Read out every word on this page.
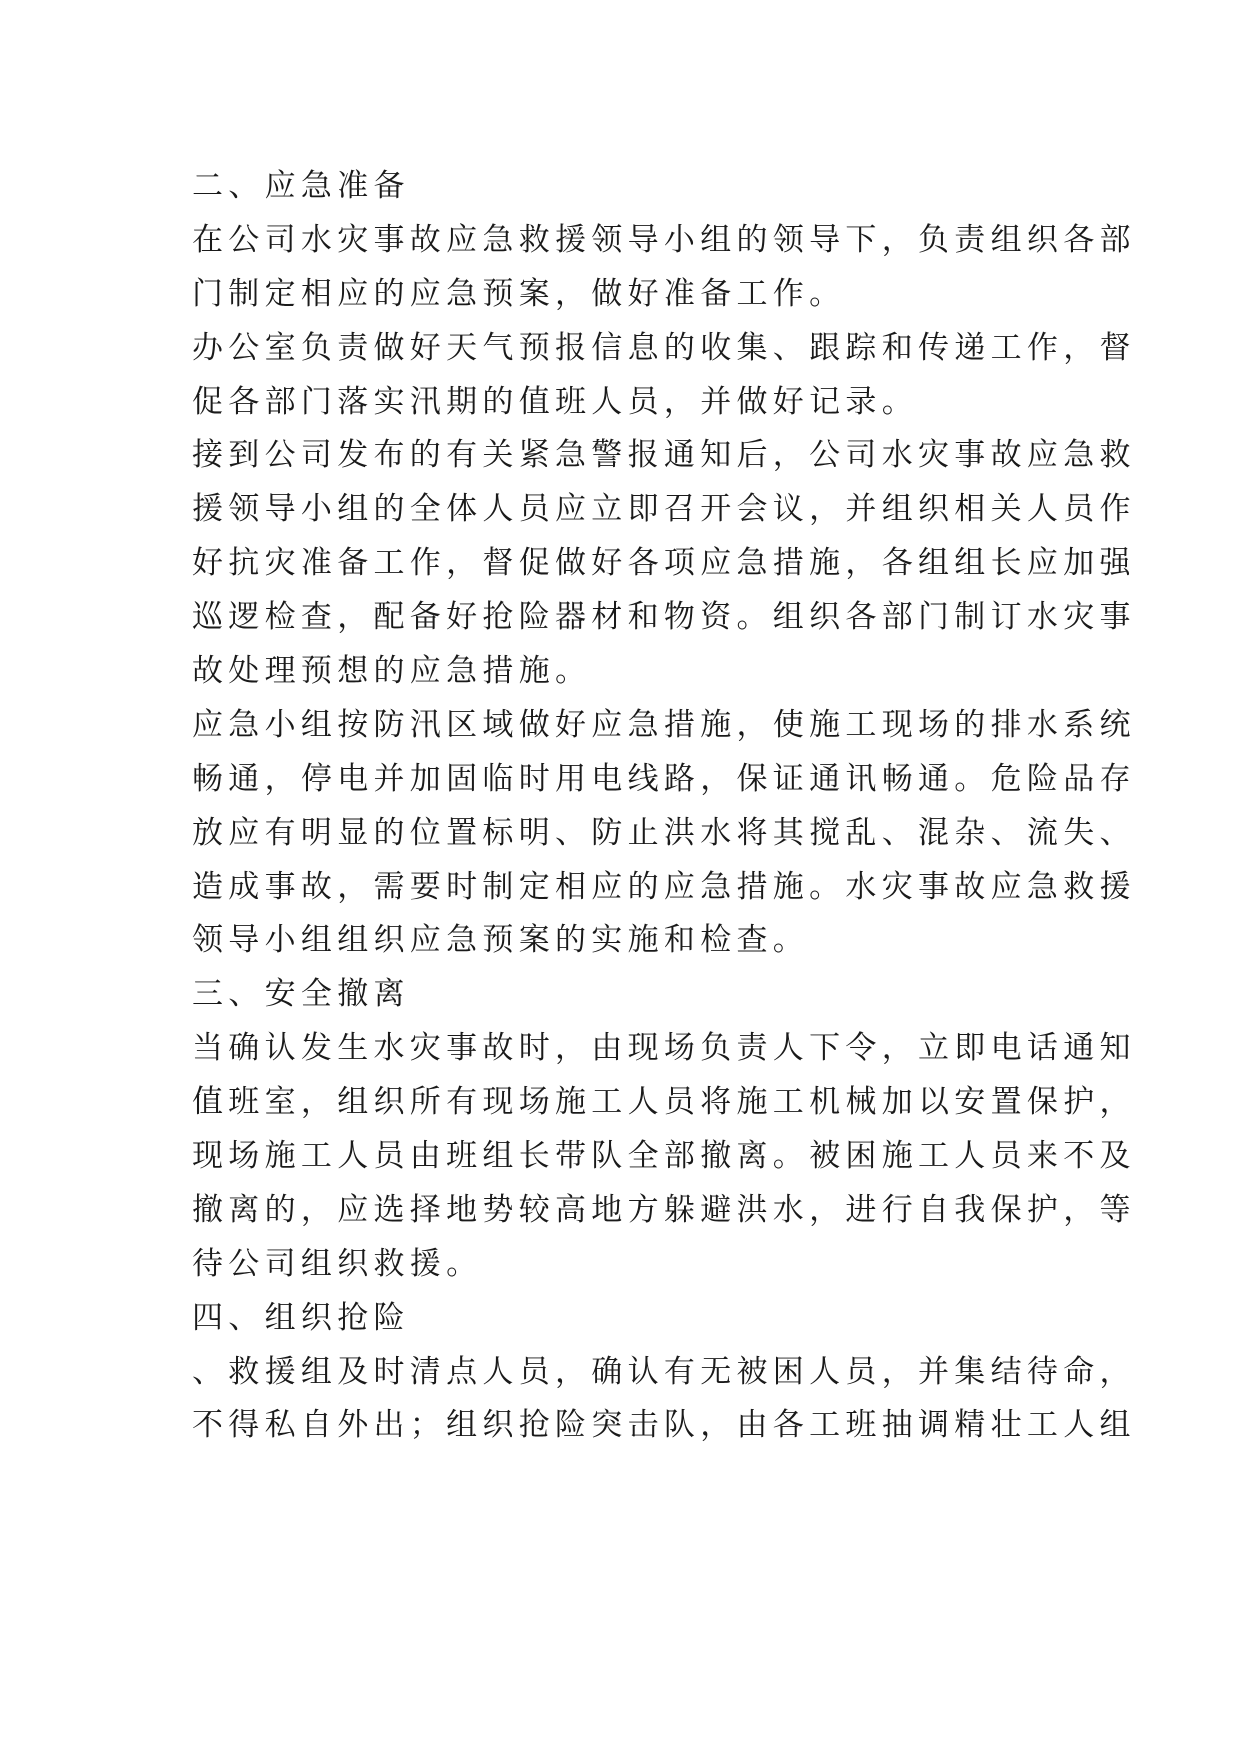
二、应急准备
在公司水灾事故应急救援领导小组的领导下，负责组织各部
门制定相应的应急预案，做好准备工作。
办公室负责做好天气预报信息的收集、跟踪和传递工作，督
促各部门落实汛期的值班人员，并做好记录。
接到公司发布的有关紧急警报通知后，公司水灾事故应急救
援领导小组的全体人员应立即召开会议，并组织相关人员作
好抗灾准备工作，督促做好各项应急措施，各组组长应加强
巡逻检查，配备好抢险器材和物资。组织各部门制订水灾事
故处理预想的应急措施。
应急小组按防汛区域做好应急措施，使施工现场的排水系统
畅通，停电并加固临时用电线路，保证通讯畅通。危险品存
放应有明显的位置标明、防止洪水将其搅乱、混杂、流失、
造成事故，需要时制定相应的应急措施。水灾事故应急救援
领导小组组织应急预案的实施和检查。
三、安全撤离
当确认发生水灾事故时，由现场负责人下令，立即电话通知
值班室，组织所有现场施工人员将施工机械加以安置保护，
现场施工人员由班组长带队全部撤离。被困施工人员来不及
撤离的，应选择地势较高地方躲避洪水，进行自我保护，等
待公司组织救援。
四、组织抢险
、救援组及时清点人员，确认有无被困人员，并集结待命，
不得私自外出；组织抢险突击队，由各工班抽调精壮工人组
